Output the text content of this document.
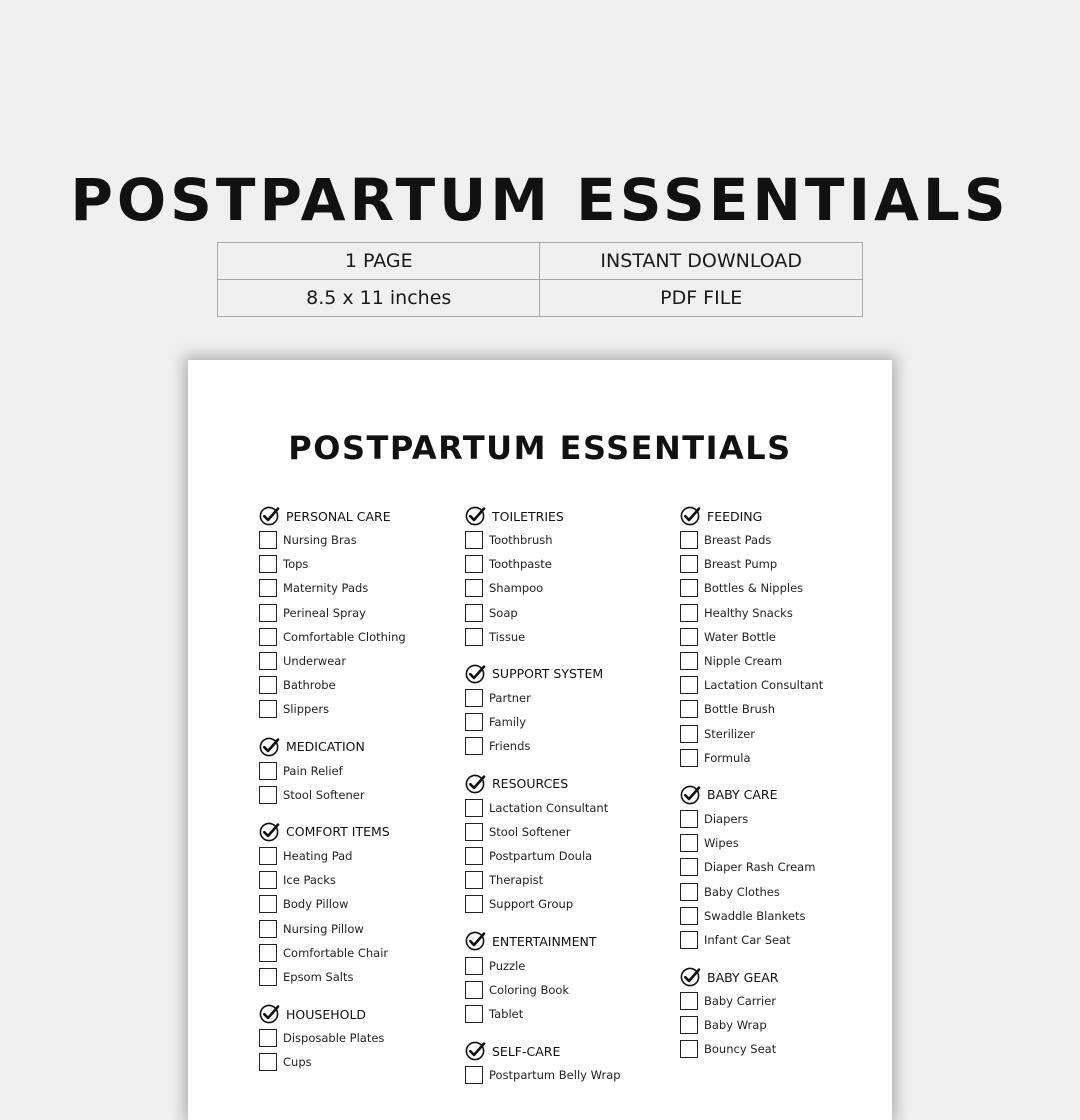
POSTPARTUM ESSENTIALS
1 PAGE	INSTANT DOWNLOAD
8.5 x 11 inches	PDF FILE
POSTPARTUM ESSENTIALS
PERSONAL CARE
Nursing Bras
Tops
Maternity Pads
Perineal Spray
Comfortable Clothing
Underwear
Bathrobe
Slippers
MEDICATION
Pain Relief
Stool Softener
COMFORT ITEMS
Heating Pad
Ice Packs
Body Pillow
Nursing Pillow
Comfortable Chair
Epsom Salts
HOUSEHOLD
Disposable Plates
Cups
TOILETRIES
Toothbrush
Toothpaste
Shampoo
Soap
Tissue
SUPPORT SYSTEM
Partner
Family
Friends
RESOURCES
Lactation Consultant
Stool Softener
Postpartum Doula
Therapist
Support Group
ENTERTAINMENT
Puzzle
Coloring Book
Tablet
SELF-CARE
Postpartum Belly Wrap
FEEDING
Breast Pads
Breast Pump
Bottles & Nipples
Healthy Snacks
Water Bottle
Nipple Cream
Lactation Consultant
Bottle Brush
Sterilizer
Formula
BABY CARE
Diapers
Wipes
Diaper Rash Cream
Baby Clothes
Swaddle Blankets
Infant Car Seat
BABY GEAR
Baby Carrier
Baby Wrap
Bouncy Seat
